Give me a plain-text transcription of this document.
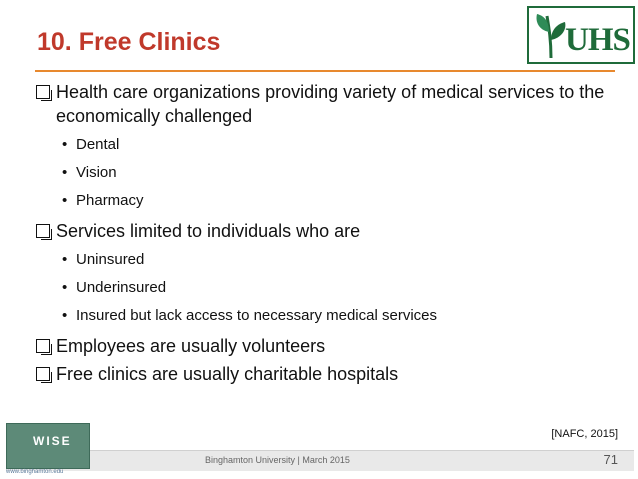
10. Free Clinics	UHS
Health care organizations providing variety of medical services to the economically challenged
• Dental
• Vision
• Pharmacy
Services limited to individuals who are
• Uninsured
• Underinsured
• Insured but lack access to necessary medical services
Employees are usually volunteers
Free clinics are usually charitable hospitals
[NAFC, 2015]
Binghamton University | March 2015	71
WISE
www.binghamton.edu
